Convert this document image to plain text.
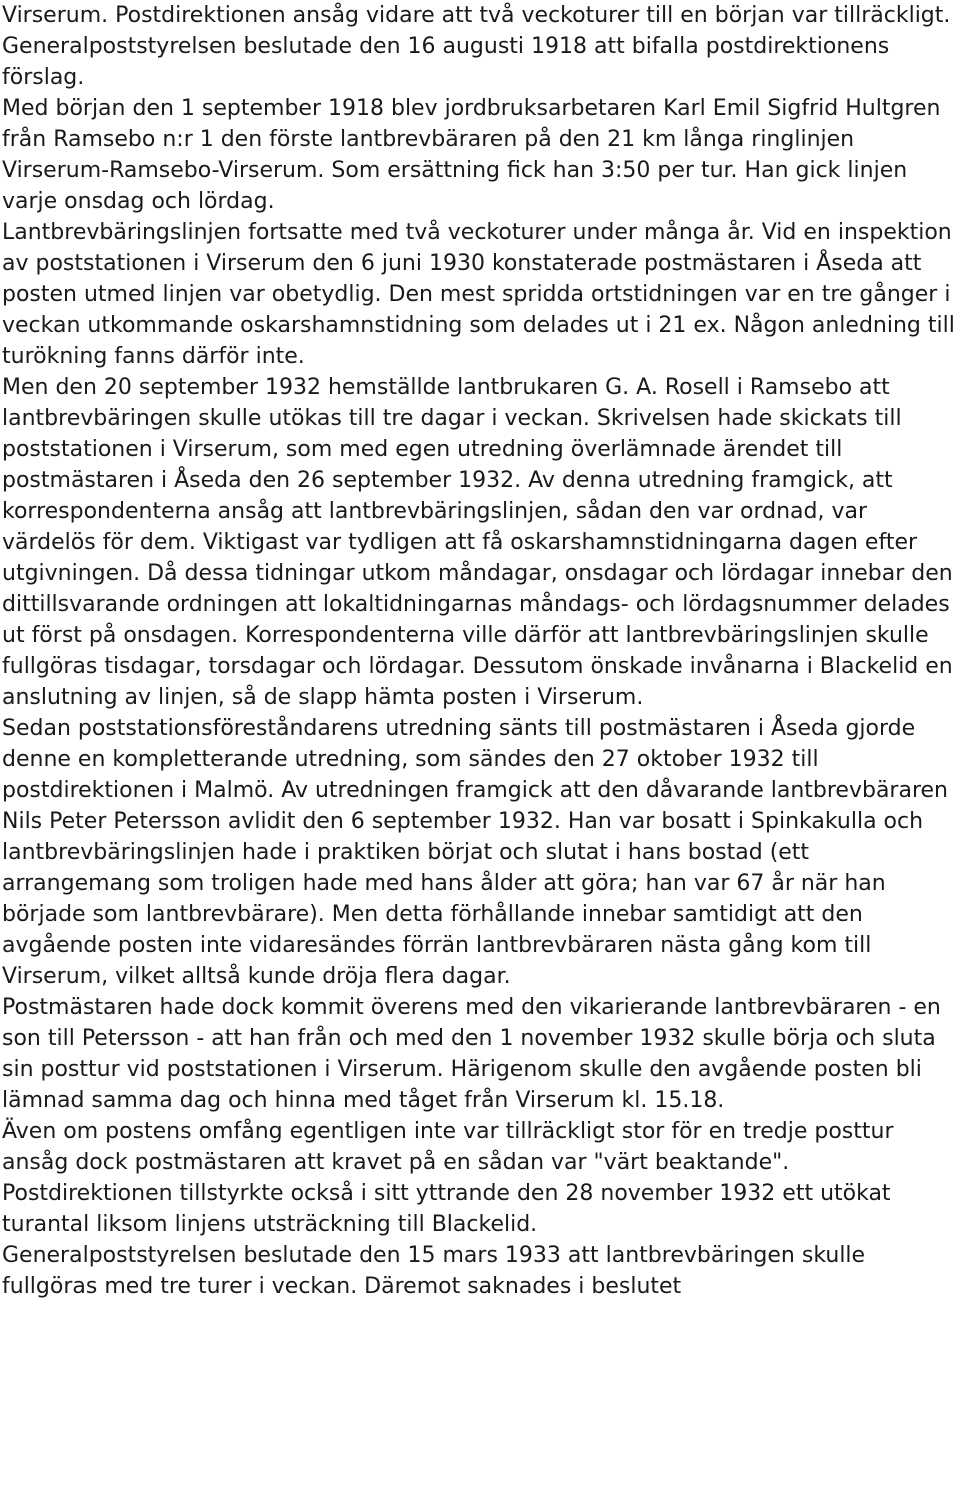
Virserum. Postdirektionen ansåg vidare att två veckoturer till en början var tillräckligt. Generalpoststyrelsen beslutade den 16 augusti 1918 att bifalla postdirektionens förslag.

Med början den 1 september 1918 blev jordbruksarbetaren Karl Emil Sigfrid Hultgren från Ramsebo n:r 1 den förste lantbrevbäraren på den 21 km långa ringlinjen Virserum-Ramsebo-Virserum. Som ersättning fick han 3:50 per tur. Han gick linjen varje onsdag och lördag.

Lantbrevbäringslinjen fortsatte med två veckoturer under många år. Vid en inspektion av poststationen i Virserum den 6 juni 1930 konstaterade postmästaren i Åseda att posten utmed linjen var obetydlig. Den mest spridda ortstidningen var en tre gånger i veckan utkommande oskarshamnstidning som delades ut i 21 ex. Någon anledning till turökning fanns därför inte.

Men den 20 september 1932 hemställde lantbrukaren G. A. Rosell i Ramsebo att lantbrevbäringen skulle utökas till tre dagar i veckan. Skrivelsen hade skickats till poststationen i Virserum, som med egen utredning överlämnade ärendet till postmästaren i Åseda den 26 september 1932. Av denna utredning framgick, att korrespondenterna ansåg att lantbrevbäringslinjen, sådan den var ordnad, var värdelös för dem. Viktigast var tydligen att få oskarshamnstidningarna dagen efter utgivningen. Då dessa tidningar utkom måndagar, onsdagar och lördagar innebar den dittillsvarande ordningen att lokaltidningarnas måndags- och lördagsnummer delades ut först på onsdagen. Korrespondenterna ville därför att lantbrevbäringslinjen skulle fullgöras tisdagar, torsdagar och lördagar. Dessutom önskade invånarna i Blackelid en anslutning av linjen, så de slapp hämta posten i Virserum.

Sedan poststationsföreståndarens utredning sänts till postmästaren i Åseda gjorde denne en kompletterande utredning, som sändes den 27 oktober 1932 till postdirektionen i Malmö. Av utredningen framgick att den dåvarande lantbrevbäraren Nils Peter Petersson avlidit den 6 september 1932. Han var bosatt i Spinkakulla och lantbrevbäringslinjen hade i praktiken börjat och slutat i hans bostad (ett arrangemang som troligen hade med hans ålder att göra; han var 67 år när han började som lantbrevbärare). Men detta förhållande innebar samtidigt att den avgående posten inte vidaresändes förrän lantbrevbäraren nästa gång kom till Virserum, vilket alltså kunde dröja flera dagar.

Postmästaren hade dock kommit överens med den vikarierande lantbrevbäraren - en son till Petersson - att han från och med den 1 november 1932 skulle börja och sluta sin posttur vid poststationen i Virserum. Härigenom skulle den avgående posten bli lämnad samma dag och hinna med tåget från Virserum kl. 15.18.

Även om postens omfång egentligen inte var tillräckligt stor för en tredje posttur ansåg dock postmästaren att kravet på en sådan var "värt beaktande".

Postdirektionen tillstyrkte också i sitt yttrande den 28 november 1932 ett utökat turantal liksom linjens utsträckning till Blackelid.

Generalpoststyrelsen beslutade den 15 mars 1933 att lantbrevbäringen skulle fullgöras med tre turer i veckan. Däremot saknades i beslutet
